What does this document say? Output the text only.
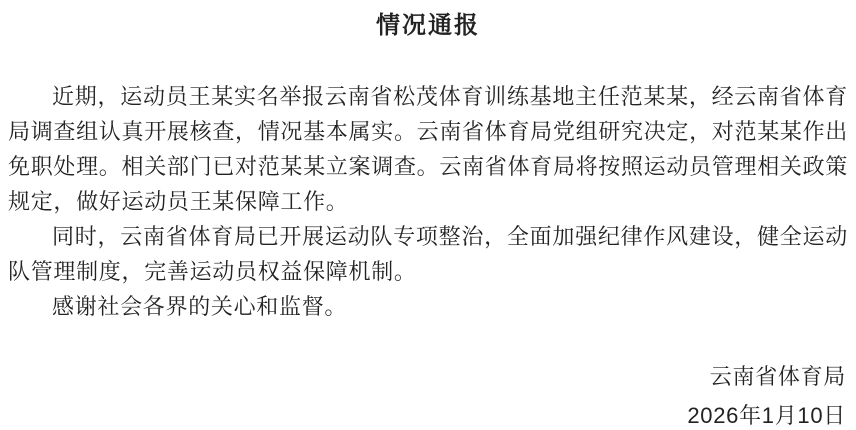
情况通报

近期，运动员王某实名举报云南省松茂体育训练基地主任范某某，经云南省体育局调查组认真开展核查，情况基本属实。云南省体育局党组研究决定，对范某某作出免职处理。相关部门已对范某某立案调查。云南省体育局将按照运动员管理相关政策规定，做好运动员王某保障工作。

同时，云南省体育局已开展运动队专项整治，全面加强纪律作风建设，健全运动队管理制度，完善运动员权益保障机制。

感谢社会各界的关心和监督。

云南省体育局
2026年1月10日
